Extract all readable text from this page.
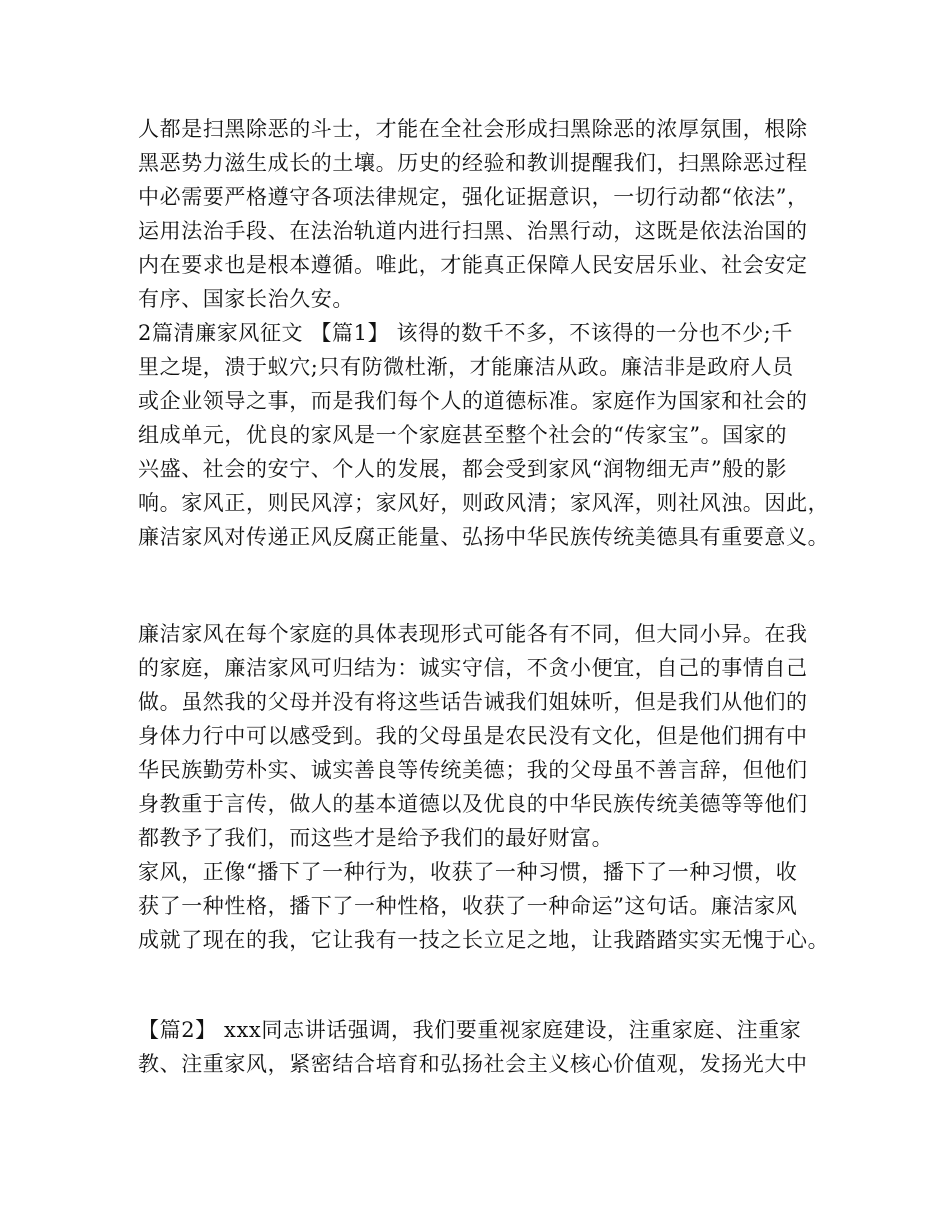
人都是扫黑除恶的斗士，才能在全社会形成扫黑除恶的浓厚氛围，根除
黑恶势力滋生成长的土壤。历史的经验和教训提醒我们，扫黑除恶过程
中必需要严格遵守各项法律规定，强化证据意识，一切行动都“依法”，
运用法治手段、在法治轨道内进行扫黑、治黑行动，这既是依法治国的
内在要求也是根本遵循。唯此，才能真正保障人民安居乐业、社会安定
有序、国家长治久安。
2篇清廉家风征文 【篇1】 该得的数千不多，不该得的一分也不少;千
里之堤，溃于蚁穴;只有防微杜渐，才能廉洁从政。廉洁非是政府人员
或企业领导之事，而是我们每个人的道德标准。家庭作为国家和社会的
组成单元，优良的家风是一个家庭甚至整个社会的“传家宝”。国家的
兴盛、社会的安宁、个人的发展，都会受到家风“润物细无声”般的影
响。家风正，则民风淳；家风好，则政风清；家风浑，则社风浊。因此，
廉洁家风对传递正风反腐正能量、弘扬中华民族传统美德具有重要意义。
廉洁家风在每个家庭的具体表现形式可能各有不同，但大同小异。在我
的家庭，廉洁家风可归结为：诚实守信，不贪小便宜，自己的事情自己
做。虽然我的父母并没有将这些话告诫我们姐妹听，但是我们从他们的
身体力行中可以感受到。我的父母虽是农民没有文化，但是他们拥有中
华民族勤劳朴实、诚实善良等传统美德；我的父母虽不善言辞，但他们
身教重于言传，做人的基本道德以及优良的中华民族传统美德等等他们
都教予了我们，而这些才是给予我们的最好财富。
家风，正像“播下了一种行为，收获了一种习惯，播下了一种习惯，收
获了一种性格，播下了一种性格，收获了一种命运”这句话。廉洁家风
成就了现在的我，它让我有一技之长立足之地，让我踏踏实实无愧于心。
【篇2】 xxx同志讲话强调，我们要重视家庭建设，注重家庭、注重家
教、注重家风，紧密结合培育和弘扬社会主义核心价值观，发扬光大中
